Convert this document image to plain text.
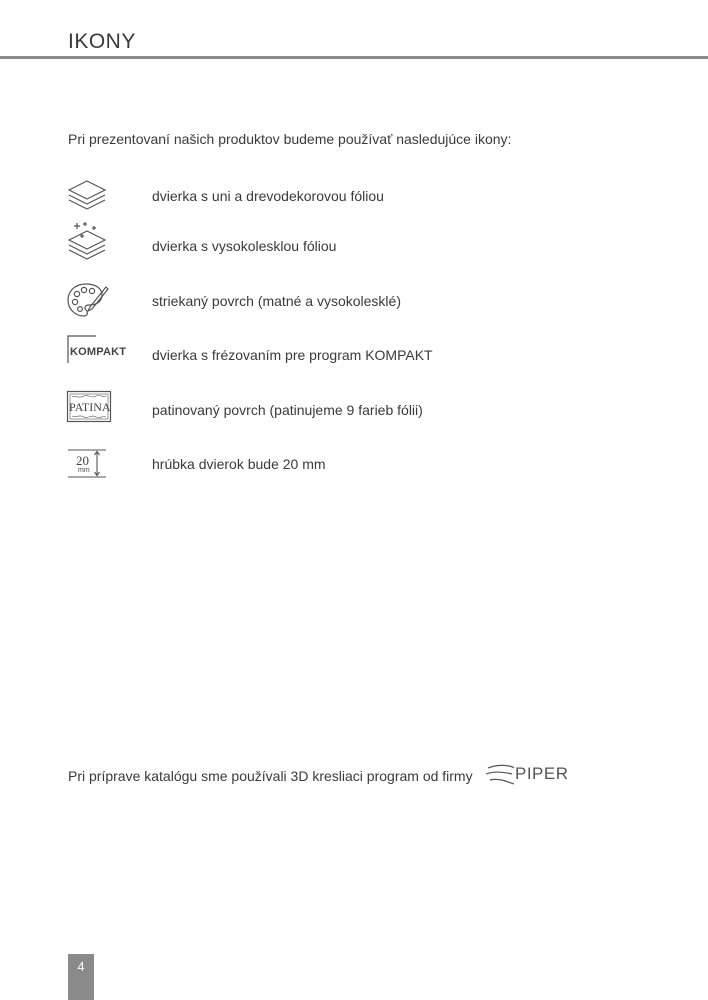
IKONY
Pri prezentovaní našich produktov budeme používať nasledujúce ikony:
dvierka s uni a drevodekorovou fóliou
dvierka s vysokolesklou fóliou
striekaný povrch (matné a vysokolesklé)
KOMPAKT dvierka s frézovaním pre program KOMPAKT
PATINA	patinovaný povrch (patinujeme 9 farieb fólii)
20
mm	hrúbka dvierok bude 20 mm
Pri príprave katalógu sme používali 3D kresliaci program od firmy PIPER
4
